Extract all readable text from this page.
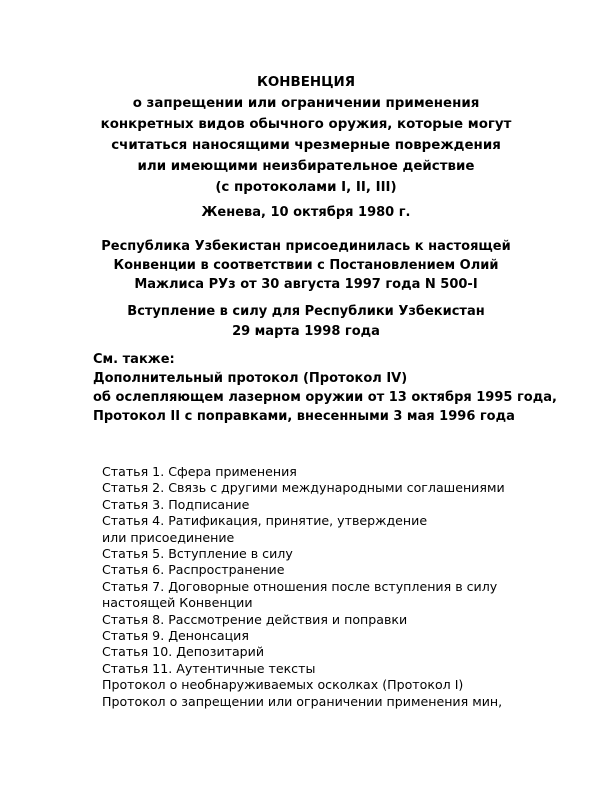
КОНВЕНЦИЯ
о запрещении или ограничении применения
конкретных видов обычного оружия, которые могут
считаться наносящими чрезмерные повреждения
или имеющими неизбирательное действие
(с протоколами I, II, III)
Женева, 10 октября 1980 г.
Республика Узбекистан присоединилась к настоящей
Конвенции в соответствии с Постановлением Олий
Мажлиса РУз от 30 августа 1997 года N 500-I
Вступление в силу для Республики Узбекистан
29 марта 1998 года
См. также:
Дополнительный протокол (Протокол IV)
об ослепляющем лазерном оружии от 13 октября 1995 года,
Протокол II с поправками, внесенными 3 мая 1996 года
Статья 1. Сфера применения
Статья 2. Связь с другими международными соглашениями
Статья 3. Подписание
Статья 4. Ратификация, принятие, утверждение
или присоединение
Статья 5. Вступление в силу
Статья 6. Распространение
Статья 7. Договорные отношения после вступления в силу
настоящей Конвенции
Статья 8. Рассмотрение действия и поправки
Статья 9. Денонсация
Статья 10. Депозитарий
Статья 11. Аутентичные тексты
Протокол о необнаруживаемых осколках (Протокол I)
Протокол о запрещении или ограничении применения мин,
